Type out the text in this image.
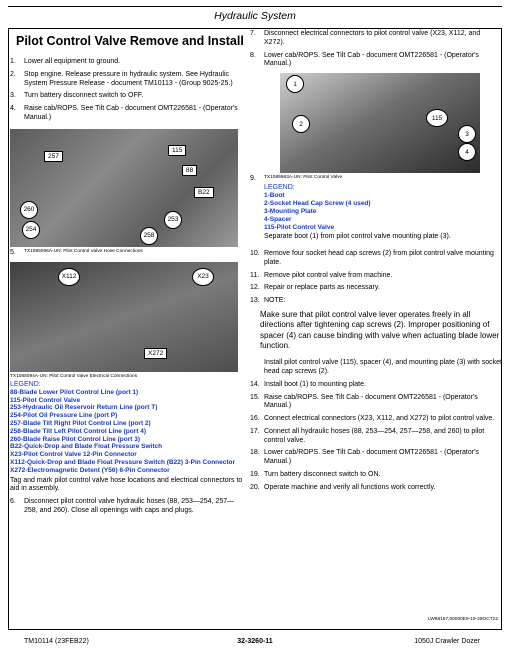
Hydraulic System
Pilot Control Valve Remove and Install
1.	Lower all equipment to ground.
2.	Stop engine. Release pressure in hydraulic system. See Hydraulic System Pressure Release - document TM10113 - (Group 9025-25.)
3.	Turn battery disconnect switch to OFF.
4.	Raise cab/ROPS. See Tilt Cab - document OMT226581 - (Operator's Manual.)
257
115
88
B22
260
254
253
258
5.	TX1085096A-UN: Pilot Control Valve Hose Connections
X112	X23
X272
TX1085094A-UN: Pilot Control Valve Electrical Connections
LEGEND:
88-Blade Lower Pilot Control Line (port 1)
115-Pilot Control Valve
253-Hydraulic Oil Reservoir Return Line (port T)
254-Pilot Oil Pressure Line (port P)
257-Blade Tilt Right Pilot Control Line (port 2)
258-Blade Tilt Left Pilot Control Line (port 4)
260-Blade Raise Pilot Control Line (port 3)
B22-Quick-Drop and Blade Float Pressure Switch
X23-Pilot Control Valve 12-Pin Connector
X112-Quick-Drop and Blade Float Pressure Switch (B22) 3-Pin Connector
X272-Electromagnetic Detent (Y56) 6-Pin Connector
Tag and mark pilot control valve hose locations and electrical connectors to aid in assembly.
6.	Disconnect pilot control valve hydraulic hoses (88, 253—254, 257—258, and 260). Close all openings with caps and plugs.
7.	Disconnect electrical connectors to pilot control valve (X23, X112, and X272).
8.	Lower cab/ROPS. See Tilt Cab - document OMT226581 - (Operator's Manual.)
1
2
115
3
4
9.	TX1085963A-UN: Pilot Control Valve
LEGEND:
1-Boot
2-Socket Head Cap Screw (4 used)
3-Mounting Plate
4-Spacer
115-Pilot Control Valve
Separate boot (1) from pilot control valve mounting plate (3).
10. Remove four socket head cap screws (2) from pilot control valve mounting plate.
11. Remove pilot control valve from machine.
12. Repair or replace parts as necessary.
13. NOTE:
Make sure that pilot control valve lever operates freely in all directions after tightening cap screws (2). Improper positioning of spacer (4) can cause binding with valve when actuating blade lower function.
Install pilot control valve (115), spacer (4), and mounting plate (3) with socket head cap screws (2).
14. Install boot (1) to mounting plate.
15. Raise cab/ROPS. See Tilt Cab - document OMT226581 - (Operator's Manual.)
16. Connect electrical connectors (X23, X112, and X272) to pilot control valve.
17. Connect all hydraulic hoses (88, 253—254, 257—258, and 260) to pilot control valve.
18. Lower cab/ROPS. See Tilt Cab - document OMT226581 - (Operator's Manual.)
19. Turn battery disconnect switch to ON.
20. Operate machine and verify all functions work correctly.
LW88157,00000E9-19-28OCT22
TM10114 (23FEB22)	32-3260-11	1050J Crawler Dozer
